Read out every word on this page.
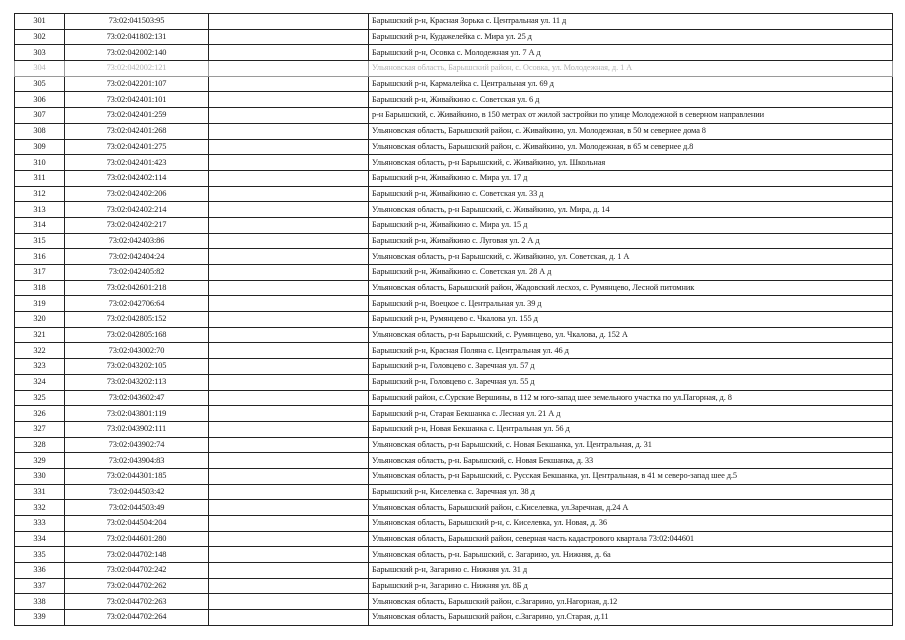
301	73:02:041503:95		Барышский р-н, Красная Зорька с. Центральная ул. 11 д
302	73:02:041802:131		Барышский р-н, Кудажелейка с. Мира ул. 25 д
303	73:02:042002:140		Барышский р-н, Осовка с. Молодежная ул. 7 А д
304	73:02:042002:121		Ульяновская область, Барышский район, с. Осовка, ул. Молодежная, д. 1 А
305	73:02:042201:107		Барышский р-н, Кармалейка с. Центральная ул. 69 д
306	73:02:042401:101		Барышский р-н, Живайкино с. Советская ул. 6 д
307	73:02:042401:259		р-н Барышский, с. Живайкино, в 150 метрах от жилой застройки по улице Молодежной в северном направлении
308	73:02:042401:268		Ульяновская область, Барышский район, с. Живайкино, ул. Молодежная, в 50 м севернее дома 8
309	73:02:042401:275		Ульяновская область, Барышский район, с. Живайкино, ул. Молодежная, в 65 м севернее д.8
310	73:02:042401:423		Ульяновская область, р-н Барышский, с. Живайкино, ул. Школьная
311	73:02:042402:114		Барышский р-н, Живайкино с. Мира ул. 17 д
312	73:02:042402:206		Барышский р-н, Живайкино с. Советская ул. 33 д
313	73:02:042402:214		Ульяновская область, р-н Барышский, с. Живайкино, ул. Мира, д. 14
314	73:02:042402:217		Барышский р-н, Живайкино с. Мира ул. 15 д
315	73:02:042403:86		Барышский р-н, Живайкино с. Луговая ул. 2 А д
316	73:02:042404:24		Ульяновская область, р-н Барышский, с. Живайкино, ул. Советская, д. 1 А
317	73:02:042405:82		Барышский р-н, Живайкино с. Советская ул. 28 А д
318	73:02:042601:218		Ульяновская область, Барышский район, Жадовский лесхоз, с. Румянцево, Лесной питомник
319	73:02:042706:64		Барышский р-н, Воецкое с. Центральная ул. 39 д
320	73:02:042805:152		Барышский р-н, Румянцево с. Чкалова ул. 155 д
321	73:02:042805:168		Ульяновская область, р-н Барышский, с. Румянцево, ул. Чкалова, д. 152 А
322	73:02:043002:70		Барышский р-н, Красная Поляна с. Центральная ул. 46 д
323	73:02:043202:105		Барышский р-н, Головцево с. Заречная ул. 57 д
324	73:02:043202:113		Барышский р-н, Головцево с. Заречная ул. 55 д
325	73:02:043602:47		Барышский район, с.Сурские Вершины, в 112 м юго-запад шее земельного участка по ул.Пагорная, д. 8
326	73:02:043801:119		Барышский р-н, Старая Бекшанка с. Лесная ул. 21 А д
327	73:02:043902:111		Барышский р-н, Новая Бекшанка с. Центральная ул. 56 д
328	73:02:043902:74		Ульяновская область, р-н Барышский, с. Новая Бекшанка, ул. Центральная, д. 31
329	73:02:043904:83		Ульяновская область, р-н. Барышский, с. Новая Бекшанка, д. 33
330	73:02:044301:185		Ульяновская область, р-н Барышский, с. Русская Бекшанка, ул. Центральная, в 41 м северо-запад шее д.5
331	73:02:044503:42		Барышский р-н, Киселевка с. Заречная ул. 38 д
332	73:02:044503:49		Ульяновская область, Барышский район, с.Киселевка, ул.Заречная, д.24 А
333	73:02:044504:204		Ульяновская область, Барышский р-н, с. Киселевка, ул. Новая, д. 36
334	73:02:044601:280		Ульяновская область, Барышский район, северная часть кадастрового квартала 73:02:044601
335	73:02:044702:148		Ульяновская область, р-н. Барышский, с. Загарино, ул. Нижняя, д. 6а
336	73:02:044702:242		Барышский р-н, Загарино с. Нижняя ул. 31 д
337	73:02:044702:262		Барышский р-н, Загарино с. Нижняя ул. 8Б д
338	73:02:044702:263		Ульяновская область, Барышский район, с.Загарино, ул.Нагорная, д.12
339	73:02:044702:264		Ульяновская область, Барышский район, с.Загарино, ул.Старая, д.11
